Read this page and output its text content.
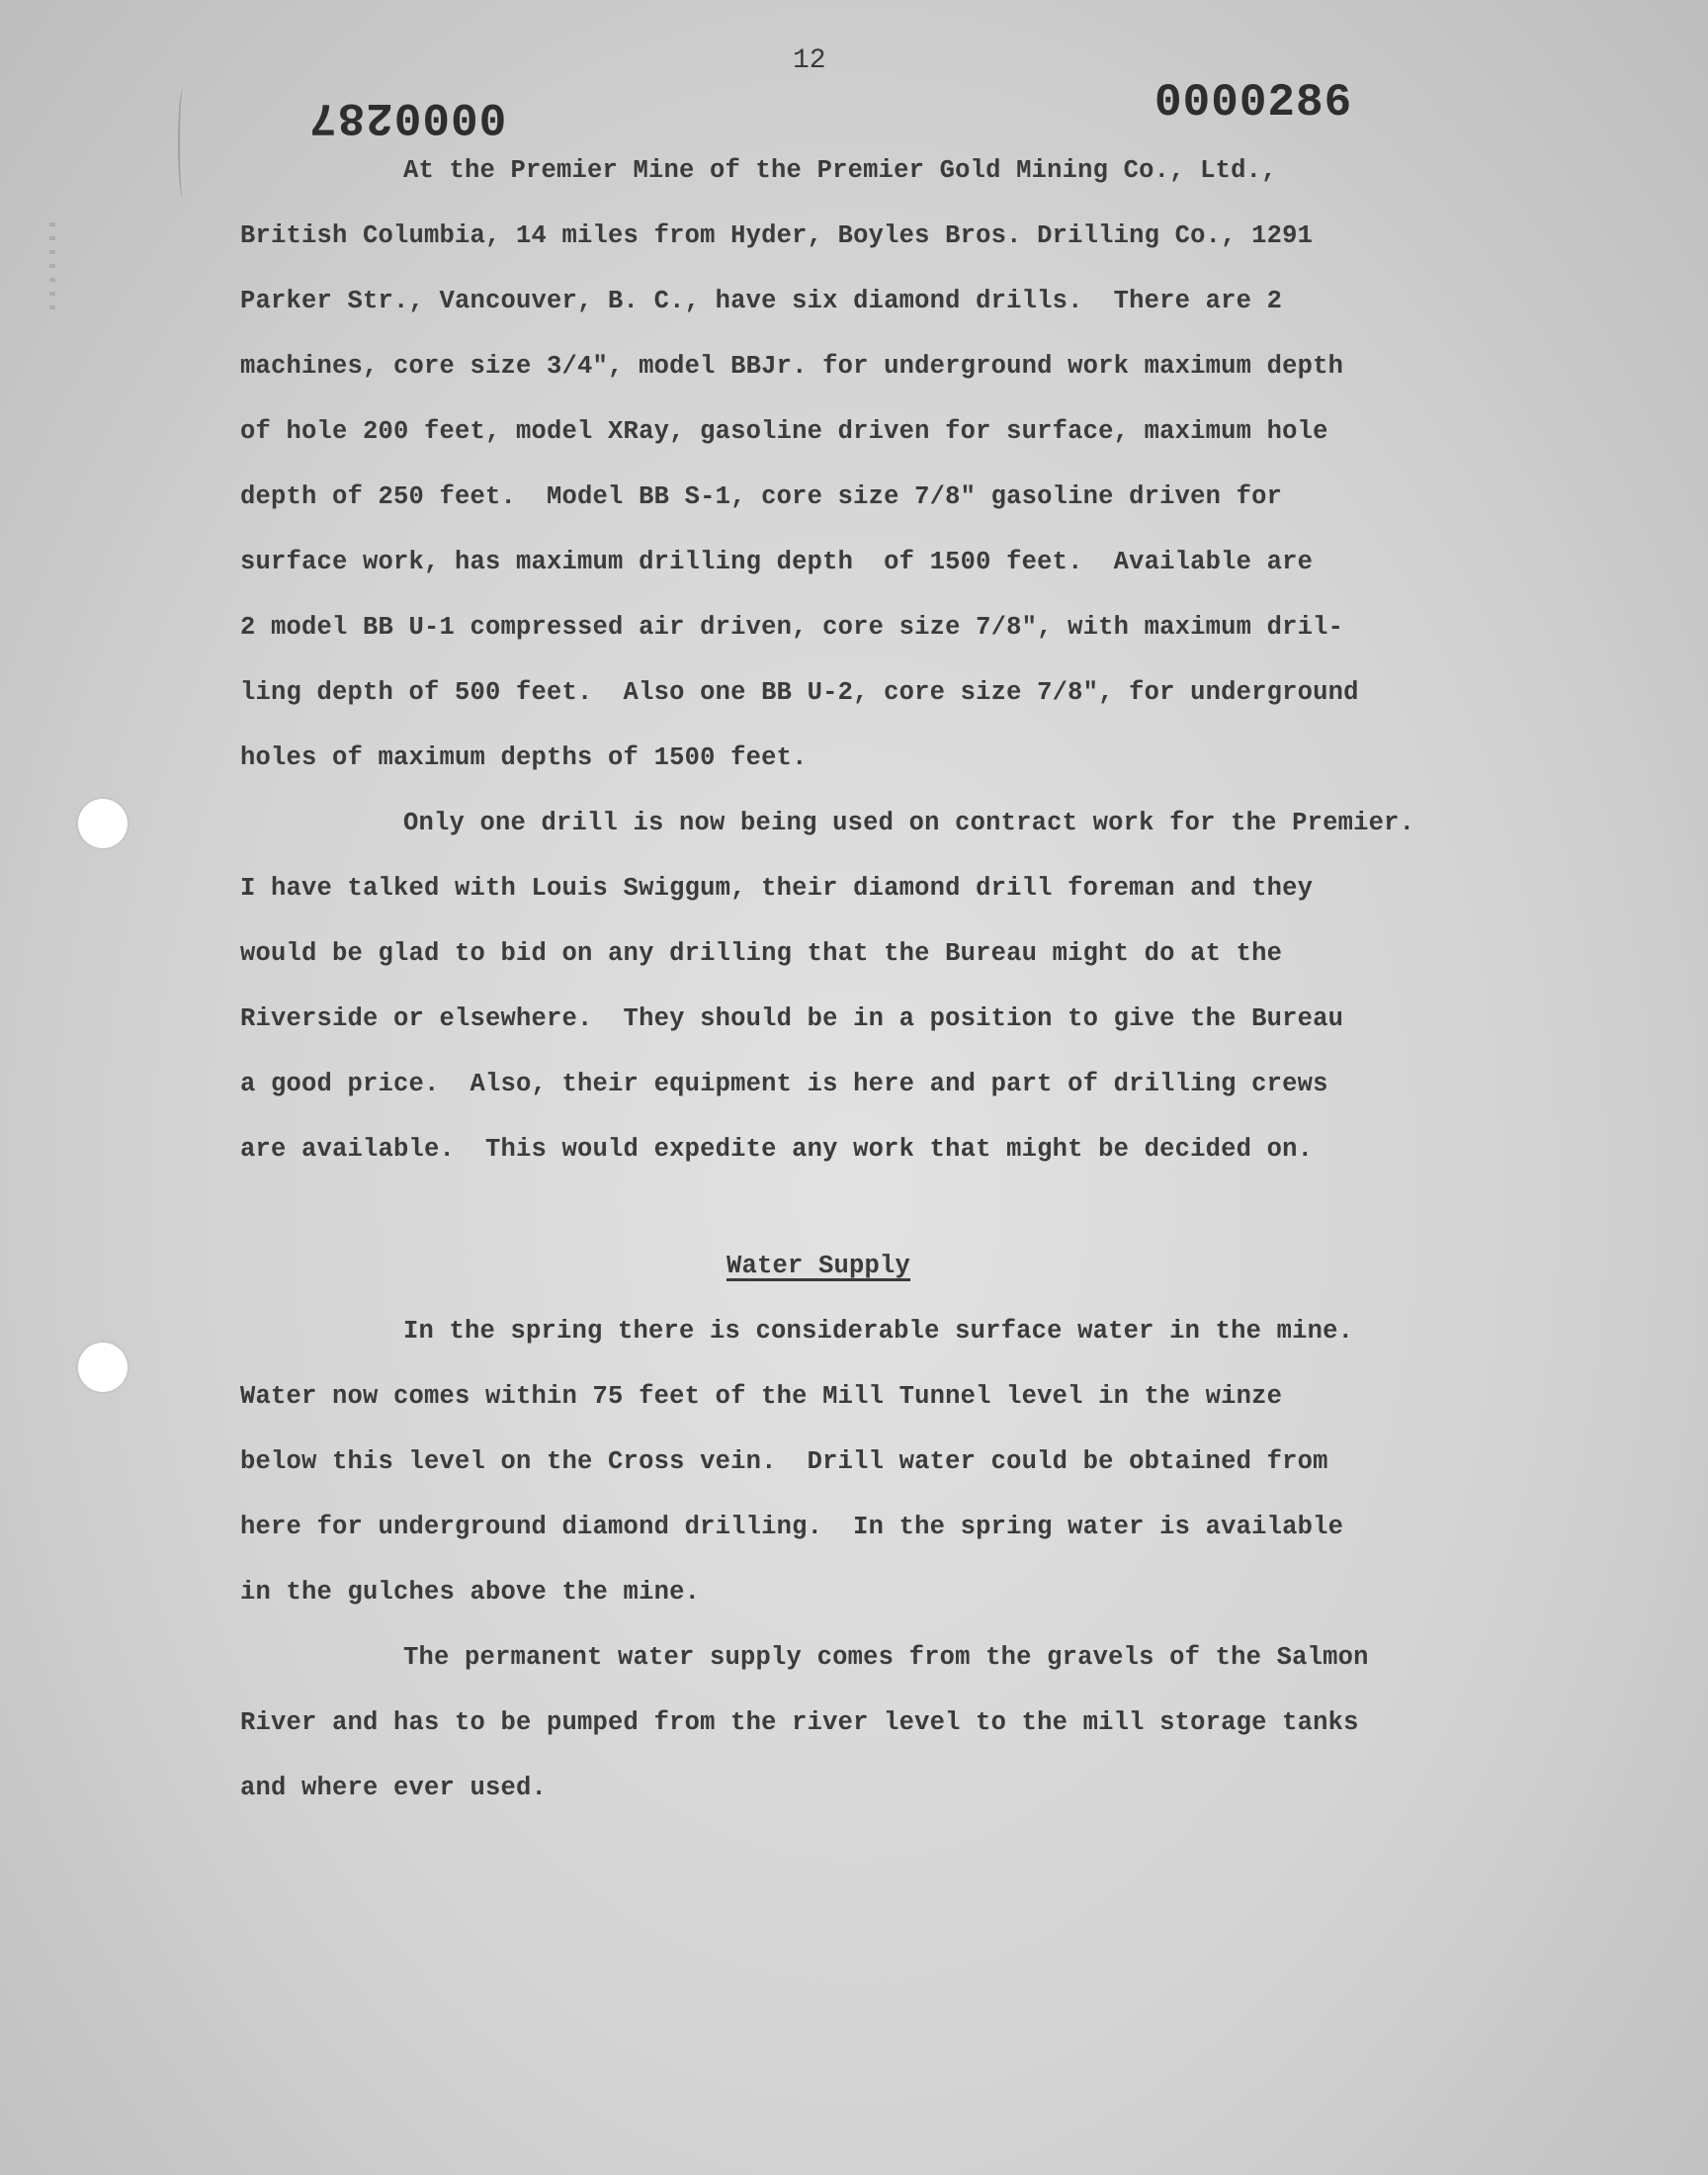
12
0000287	0000286
At the Premier Mine of the Premier Gold Mining Co., Ltd.,
British Columbia, 14 miles from Hyder, Boyles Bros. Drilling Co., 1291
Parker Str., Vancouver, B. C., have six diamond drills.  There are 2
machines, core size 3/4", model BBJr. for underground work maximum depth
of hole 200 feet, model XRay, gasoline driven for surface, maximum hole
depth of 250 feet.  Model BB S-1, core size 7/8" gasoline driven for
surface work, has maximum drilling depth  of 1500 feet.  Available are
2 model BB U-1 compressed air driven, core size 7/8", with maximum dril-
ling depth of 500 feet.  Also one BB U-2, core size 7/8", for underground
holes of maximum depths of 1500 feet.
Only one drill is now being used on contract work for the Premier.
I have talked with Louis Swiggum, their diamond drill foreman and they
would be glad to bid on any drilling that the Bureau might do at the
Riverside or elsewhere.  They should be in a position to give the Bureau
a good price.  Also, their equipment is here and part of drilling crews
are available.  This would expedite any work that might be decided on.
Water Supply
In the spring there is considerable surface water in the mine.
Water now comes within 75 feet of the Mill Tunnel level in the winze
below this level on the Cross vein.  Drill water could be obtained from
here for underground diamond drilling.  In the spring water is available
in the gulches above the mine.
The permanent water supply comes from the gravels of the Salmon
River and has to be pumped from the river level to the mill storage tanks
and where ever used.
